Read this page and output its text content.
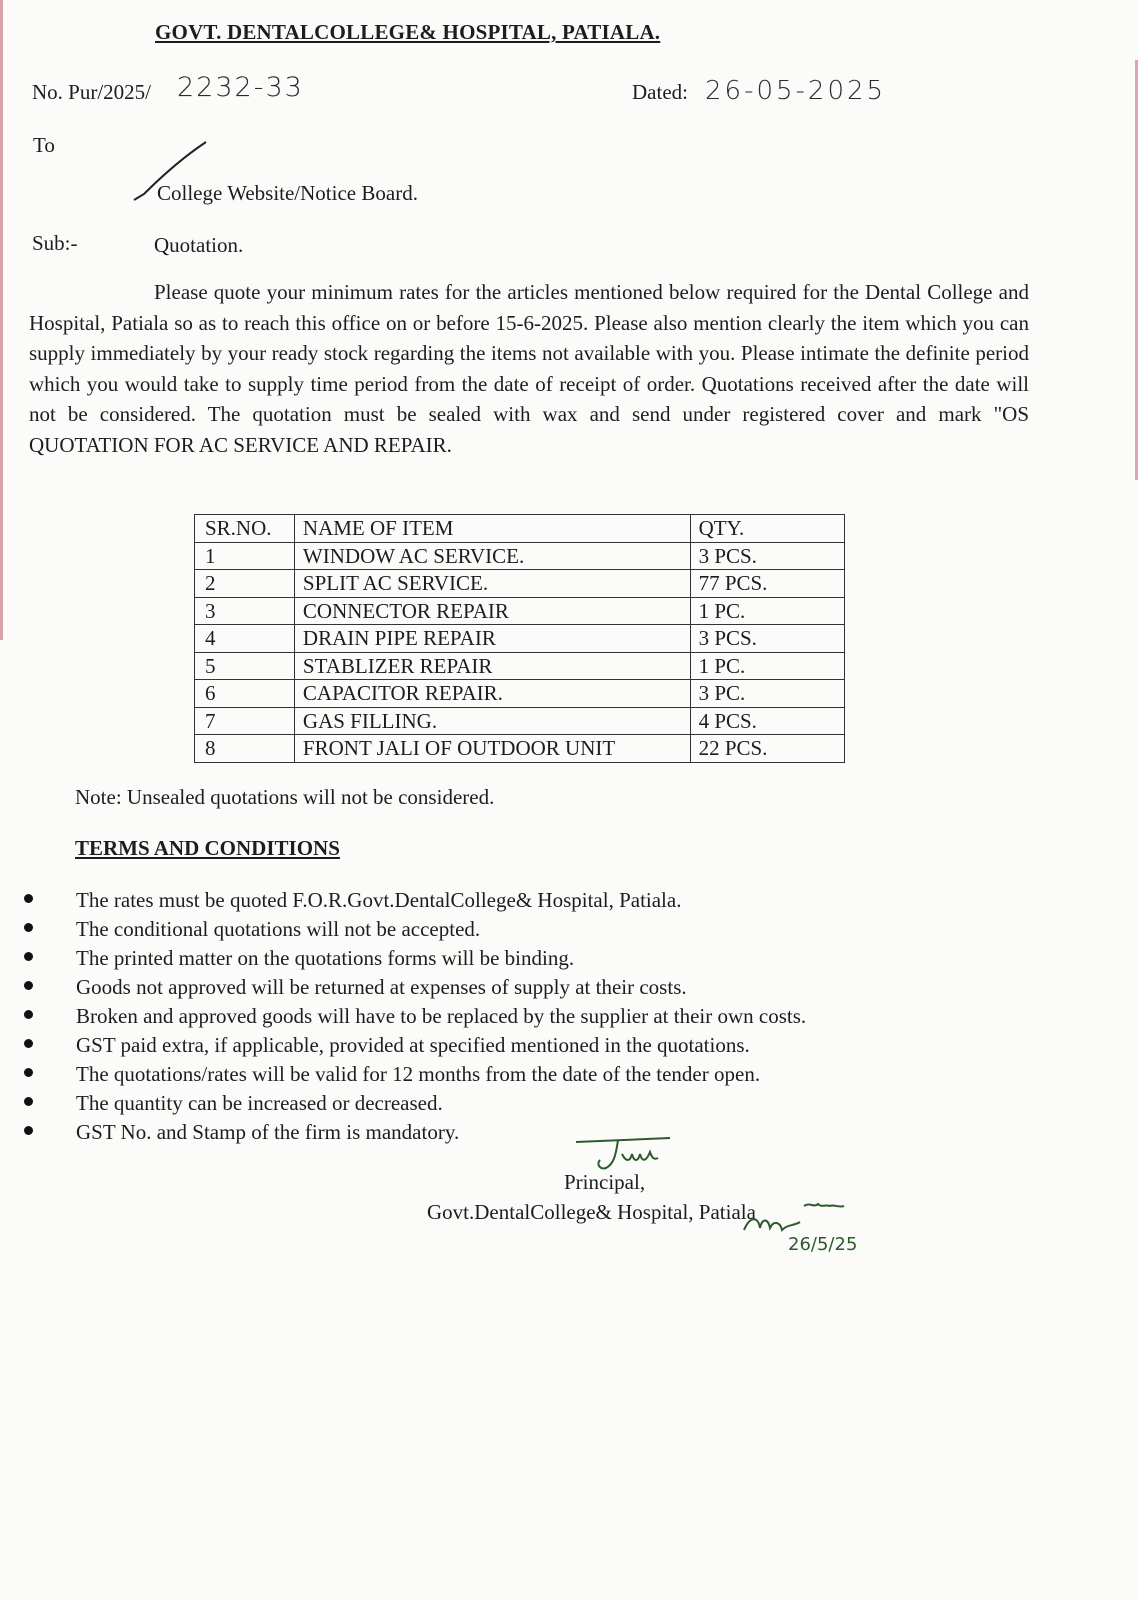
GOVT. DENTALCOLLEGE& HOSPITAL, PATIALA.
No. Pur/2025/ 2232-33	Dated: 26-05-2025
To
College Website/Notice Board.
Sub:-	Quotation.
Please quote your minimum rates for the articles mentioned below required for the Dental College and Hospital, Patiala so as to reach this office on or before 15-6-2025. Please also mention clearly the item which you can supply immediately by your ready stock regarding the items not available with you. Please intimate the definite period which you would take to supply time period from the date of receipt of order. Quotations received after the date will not be considered. The quotation must be sealed with wax and send under registered cover and mark "OS QUOTATION FOR AC SERVICE AND REPAIR.
SR.NO.	NAME OF ITEM	QTY.
1	WINDOW AC SERVICE.	3 PCS.
2	SPLIT AC SERVICE.	77 PCS.
3	CONNECTOR REPAIR	1 PC.
4	DRAIN PIPE REPAIR	3 PCS.
5	STABLIZER REPAIR	1 PC.
6	CAPACITOR REPAIR.	3 PC.
7	GAS FILLING.	4 PCS.
8	FRONT JALI OF OUTDOOR UNIT	22 PCS.
Note: Unsealed quotations will not be considered.
TERMS AND CONDITIONS
The rates must be quoted F.O.R.Govt.DentalCollege& Hospital, Patiala.
The conditional quotations will not be accepted.
The printed matter on the quotations forms will be binding.
Goods not approved will be returned at expenses of supply at their costs.
Broken and approved goods will have to be replaced by the supplier at their own costs.
GST paid extra, if applicable, provided at specified mentioned in the quotations.
The quotations/rates will be valid for 12 months from the date of the tender open.
The quantity can be increased or decreased.
GST No. and Stamp of the firm is mandatory.
Principal,
Govt.DentalCollege& Hospital, Patiala
26/5/25
